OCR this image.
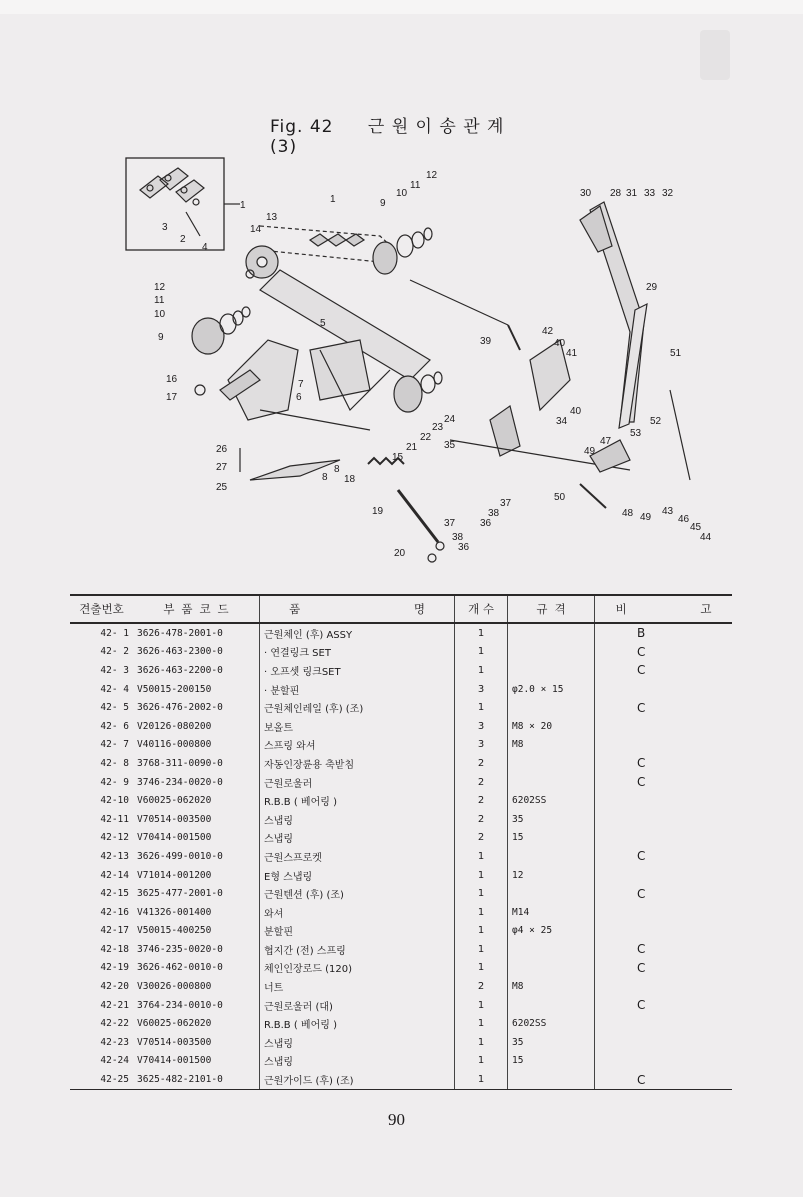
Fig. 42 근 원 이 송 관 계 (3)
1
1
2
3
4
5
6
7
8
8
9
9
10
10
11
11
12
12
13
14
15
16
17
18
19
20
21
22
23
24
25
26
27
28
29
30	31 32
33
34
35
36
36
37
37
38
38
39	40
40
41
42
43
44
45
46
47
48
49
49
50
51
52
53
견출번호	부 품 코 드	품 명	개 수	규 격	비 고
42- 1	3626-478-2001-0	근원체인 (후) ASSY	1		B
42- 2	3626-463-2300-0	· 연결링크 SET	1		C
42- 3	3626-463-2200-0	· 오프셋 링크SET	1		C
42- 4	V50015-200150	· 분할핀	3	φ2.0 × 15	
42- 5	3626-476-2002-0	근원체인레일 (후) (조)	1		C
42- 6	V20126-080200	보올트	3	M8 × 20	
42- 7	V40116-000800	스프링 와셔	3	M8	
42- 8	3768-311-0090-0	자동인장륜용 축받침	2		C
42- 9	3746-234-0020-0	근원로울러	2		C
42-10	V60025-062020	R.B.B ( 베어링 )	2	6202SS	
42-11	V70514-003500	스냅링	2	35	
42-12	V70414-001500	스냅링	2	15	
42-13	3626-499-0010-0	근원스프로켓	1		C
42-14	V71014-001200	E형 스냅링	1	12	
42-15	3625-477-2001-0	근원텐션 (후) (조)	1		C
42-16	V41326-001400	와셔	1	M14	
42-17	V50015-400250	분할핀	1	φ4 × 25	
42-18	3746-235-0020-0	협지간 (전) 스프링	1		C
42-19	3626-462-0010-0	체인인장로드 (120)	1		C
42-20	V30026-000800	너트	2	M8	
42-21	3764-234-0010-0	근원로울러 (대)	1		C
42-22	V60025-062020	R.B.B ( 베어링 )	1	6202SS	
42-23	V70514-003500	스냅링	1	35	
42-24	V70414-001500	스냅링	1	15	
42-25	3625-482-2101-0	근원가이드 (후) (조)	1		C
90
